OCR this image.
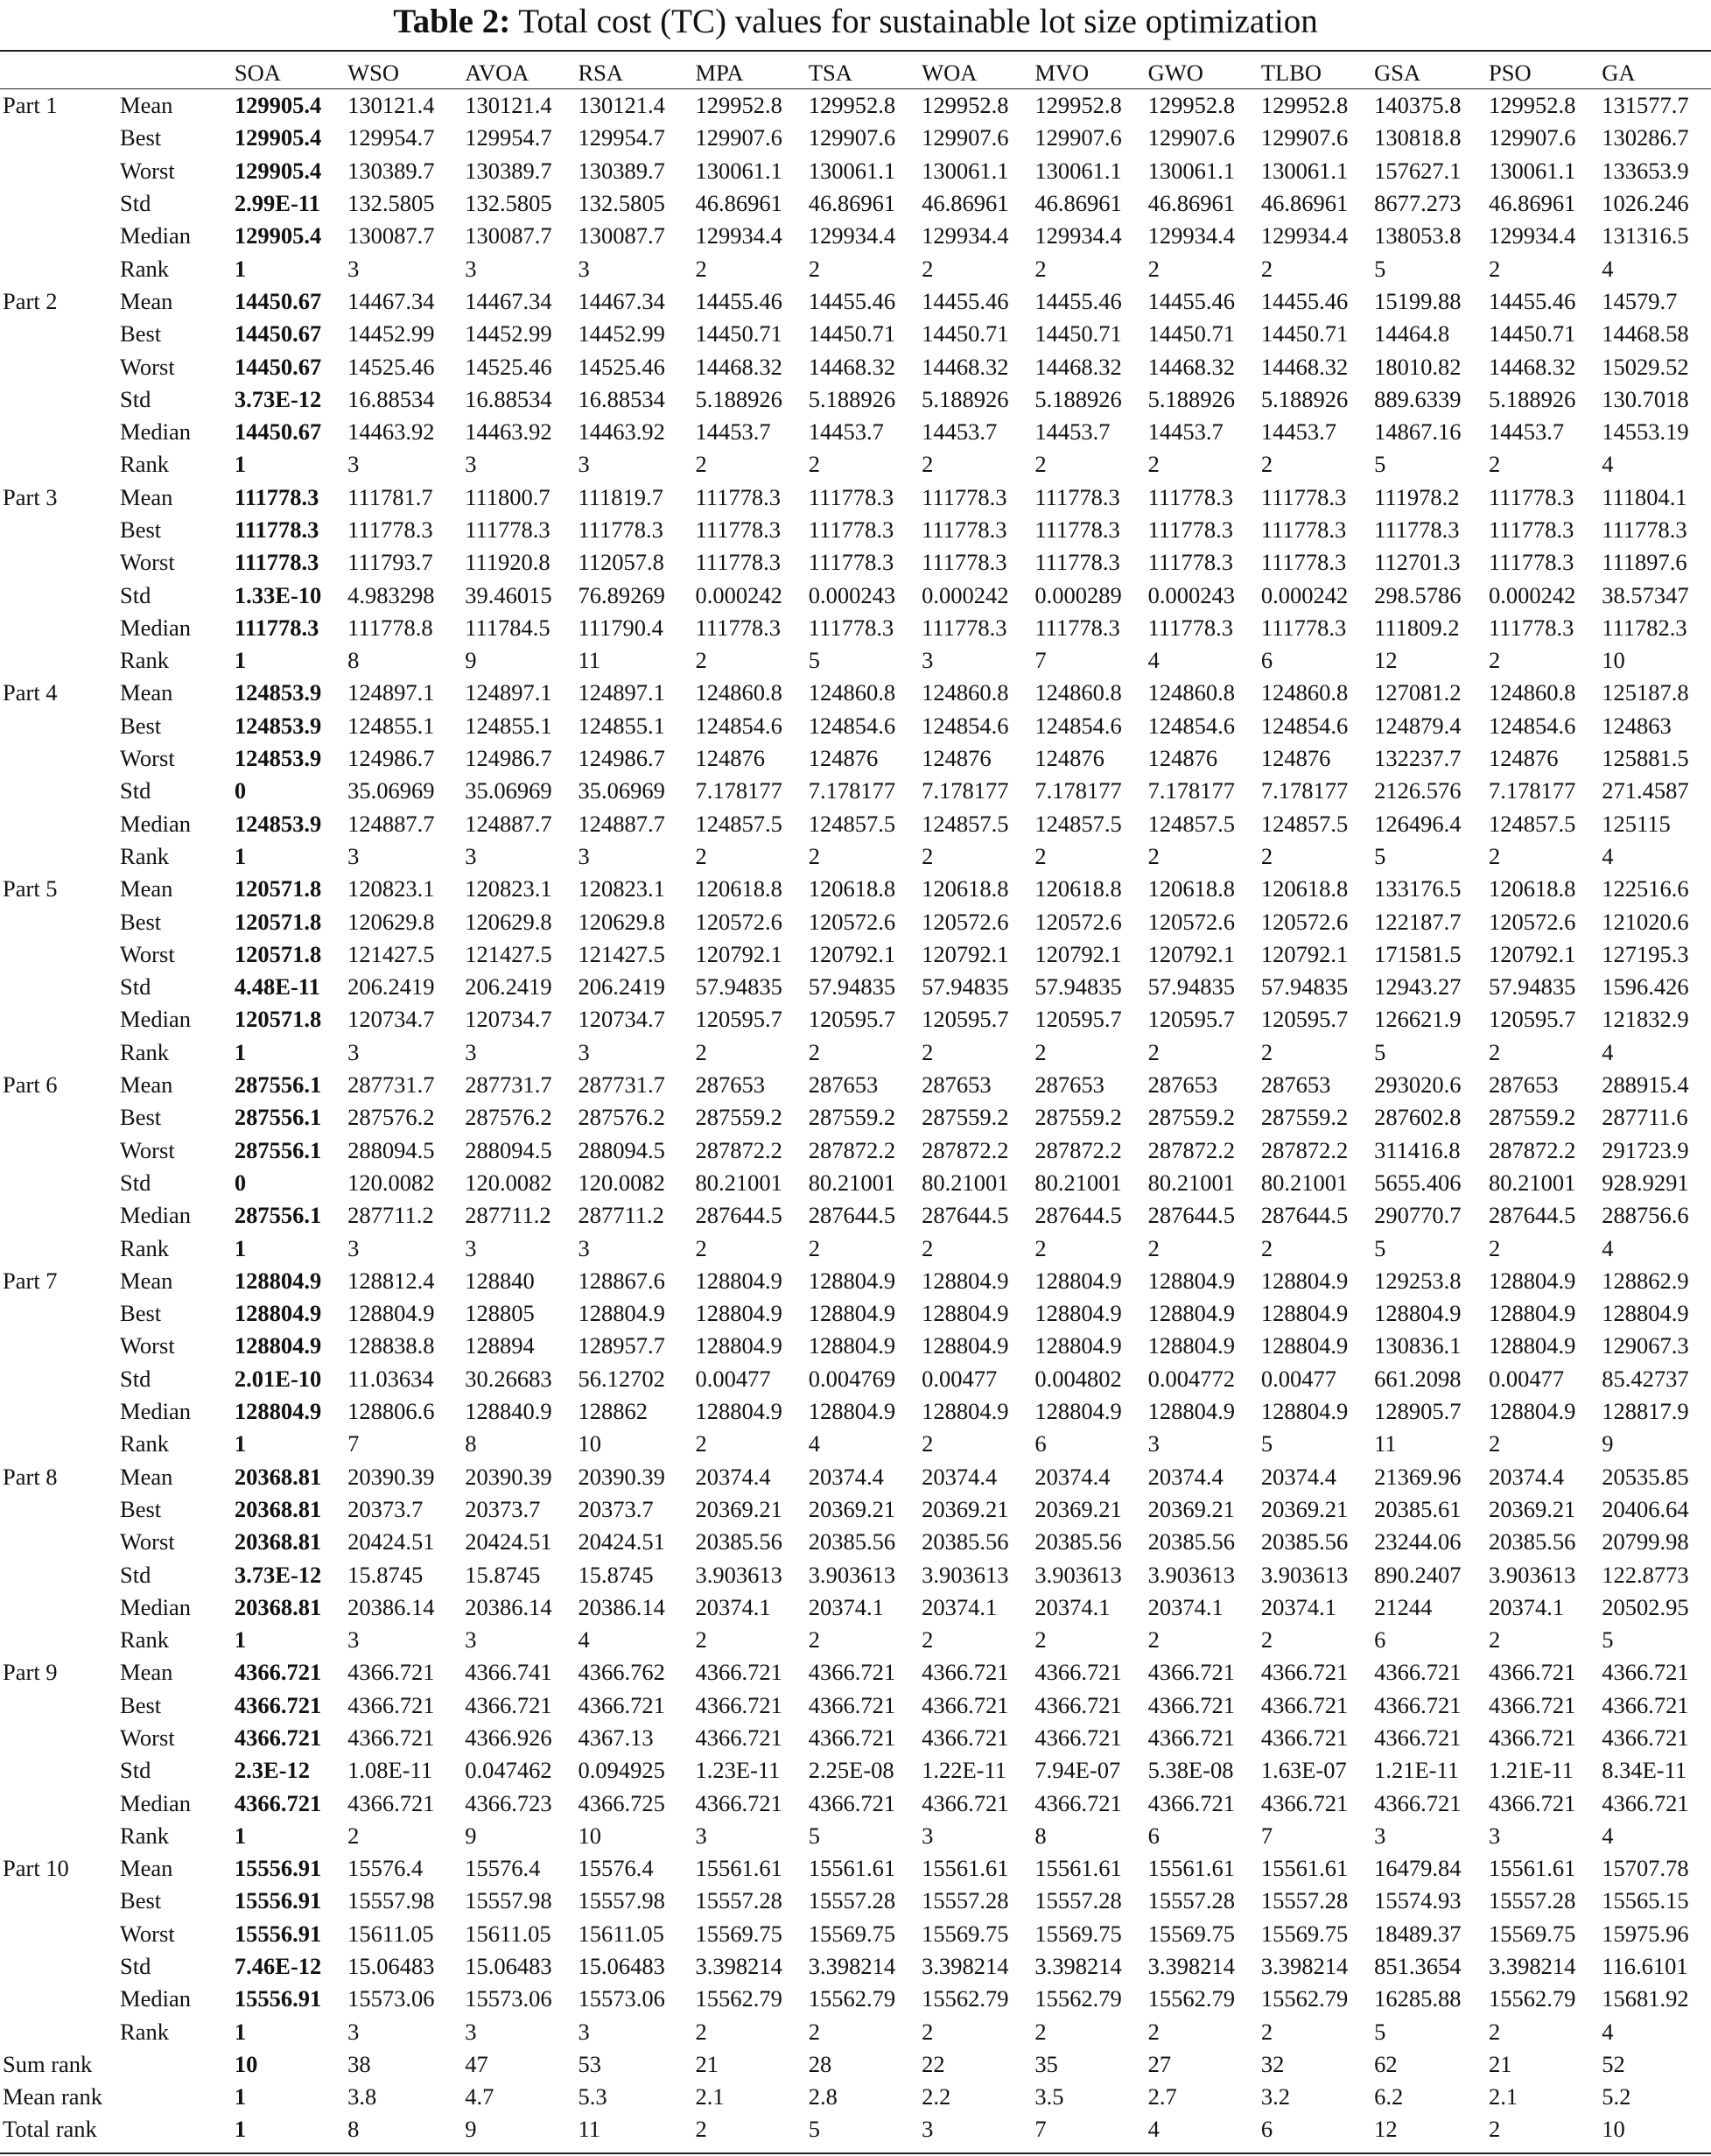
Table 2: Total cost (TC) values for sustainable lot size optimization
		SOA	WSO	AVOA	RSA	MPA	TSA	WOA	MVO	GWO	TLBO	GSA	PSO	GA
Part 1	Mean	129905.4	130121.4	130121.4	130121.4	129952.8	129952.8	129952.8	129952.8	129952.8	129952.8	140375.8	129952.8	131577.7
	Best	129905.4	129954.7	129954.7	129954.7	129907.6	129907.6	129907.6	129907.6	129907.6	129907.6	130818.8	129907.6	130286.7
	Worst	129905.4	130389.7	130389.7	130389.7	130061.1	130061.1	130061.1	130061.1	130061.1	130061.1	157627.1	130061.1	133653.9
	Std	2.99E-11	132.5805	132.5805	132.5805	46.86961	46.86961	46.86961	46.86961	46.86961	46.86961	8677.273	46.86961	1026.246
	Median	129905.4	130087.7	130087.7	130087.7	129934.4	129934.4	129934.4	129934.4	129934.4	129934.4	138053.8	129934.4	131316.5
	Rank	1	3	3	3	2	2	2	2	2	2	5	2	4
Part 2	Mean	14450.67	14467.34	14467.34	14467.34	14455.46	14455.46	14455.46	14455.46	14455.46	14455.46	15199.88	14455.46	14579.7
	Best	14450.67	14452.99	14452.99	14452.99	14450.71	14450.71	14450.71	14450.71	14450.71	14450.71	14464.8	14450.71	14468.58
	Worst	14450.67	14525.46	14525.46	14525.46	14468.32	14468.32	14468.32	14468.32	14468.32	14468.32	18010.82	14468.32	15029.52
	Std	3.73E-12	16.88534	16.88534	16.88534	5.188926	5.188926	5.188926	5.188926	5.188926	5.188926	889.6339	5.188926	130.7018
	Median	14450.67	14463.92	14463.92	14463.92	14453.7	14453.7	14453.7	14453.7	14453.7	14453.7	14867.16	14453.7	14553.19
	Rank	1	3	3	3	2	2	2	2	2	2	5	2	4
Part 3	Mean	111778.3	111781.7	111800.7	111819.7	111778.3	111778.3	111778.3	111778.3	111778.3	111778.3	111978.2	111778.3	111804.1
	Best	111778.3	111778.3	111778.3	111778.3	111778.3	111778.3	111778.3	111778.3	111778.3	111778.3	111778.3	111778.3	111778.3
	Worst	111778.3	111793.7	111920.8	112057.8	111778.3	111778.3	111778.3	111778.3	111778.3	111778.3	112701.3	111778.3	111897.6
	Std	1.33E-10	4.983298	39.46015	76.89269	0.000242	0.000243	0.000242	0.000289	0.000243	0.000242	298.5786	0.000242	38.57347
	Median	111778.3	111778.8	111784.5	111790.4	111778.3	111778.3	111778.3	111778.3	111778.3	111778.3	111809.2	111778.3	111782.3
	Rank	1	8	9	11	2	5	3	7	4	6	12	2	10
Part 4	Mean	124853.9	124897.1	124897.1	124897.1	124860.8	124860.8	124860.8	124860.8	124860.8	124860.8	127081.2	124860.8	125187.8
	Best	124853.9	124855.1	124855.1	124855.1	124854.6	124854.6	124854.6	124854.6	124854.6	124854.6	124879.4	124854.6	124863
	Worst	124853.9	124986.7	124986.7	124986.7	124876	124876	124876	124876	124876	124876	132237.7	124876	125881.5
	Std	0	35.06969	35.06969	35.06969	7.178177	7.178177	7.178177	7.178177	7.178177	7.178177	2126.576	7.178177	271.4587
	Median	124853.9	124887.7	124887.7	124887.7	124857.5	124857.5	124857.5	124857.5	124857.5	124857.5	126496.4	124857.5	125115
	Rank	1	3	3	3	2	2	2	2	2	2	5	2	4
Part 5	Mean	120571.8	120823.1	120823.1	120823.1	120618.8	120618.8	120618.8	120618.8	120618.8	120618.8	133176.5	120618.8	122516.6
	Best	120571.8	120629.8	120629.8	120629.8	120572.6	120572.6	120572.6	120572.6	120572.6	120572.6	122187.7	120572.6	121020.6
	Worst	120571.8	121427.5	121427.5	121427.5	120792.1	120792.1	120792.1	120792.1	120792.1	120792.1	171581.5	120792.1	127195.3
	Std	4.48E-11	206.2419	206.2419	206.2419	57.94835	57.94835	57.94835	57.94835	57.94835	57.94835	12943.27	57.94835	1596.426
	Median	120571.8	120734.7	120734.7	120734.7	120595.7	120595.7	120595.7	120595.7	120595.7	120595.7	126621.9	120595.7	121832.9
	Rank	1	3	3	3	2	2	2	2	2	2	5	2	4
Part 6	Mean	287556.1	287731.7	287731.7	287731.7	287653	287653	287653	287653	287653	287653	293020.6	287653	288915.4
	Best	287556.1	287576.2	287576.2	287576.2	287559.2	287559.2	287559.2	287559.2	287559.2	287559.2	287602.8	287559.2	287711.6
	Worst	287556.1	288094.5	288094.5	288094.5	287872.2	287872.2	287872.2	287872.2	287872.2	287872.2	311416.8	287872.2	291723.9
	Std	0	120.0082	120.0082	120.0082	80.21001	80.21001	80.21001	80.21001	80.21001	80.21001	5655.406	80.21001	928.9291
	Median	287556.1	287711.2	287711.2	287711.2	287644.5	287644.5	287644.5	287644.5	287644.5	287644.5	290770.7	287644.5	288756.6
	Rank	1	3	3	3	2	2	2	2	2	2	5	2	4
Part 7	Mean	128804.9	128812.4	128840	128867.6	128804.9	128804.9	128804.9	128804.9	128804.9	128804.9	129253.8	128804.9	128862.9
	Best	128804.9	128804.9	128805	128804.9	128804.9	128804.9	128804.9	128804.9	128804.9	128804.9	128804.9	128804.9	128804.9
	Worst	128804.9	128838.8	128894	128957.7	128804.9	128804.9	128804.9	128804.9	128804.9	128804.9	130836.1	128804.9	129067.3
	Std	2.01E-10	11.03634	30.26683	56.12702	0.00477	0.004769	0.00477	0.004802	0.004772	0.00477	661.2098	0.00477	85.42737
	Median	128804.9	128806.6	128840.9	128862	128804.9	128804.9	128804.9	128804.9	128804.9	128804.9	128905.7	128804.9	128817.9
	Rank	1	7	8	10	2	4	2	6	3	5	11	2	9
Part 8	Mean	20368.81	20390.39	20390.39	20390.39	20374.4	20374.4	20374.4	20374.4	20374.4	20374.4	21369.96	20374.4	20535.85
	Best	20368.81	20373.7	20373.7	20373.7	20369.21	20369.21	20369.21	20369.21	20369.21	20369.21	20385.61	20369.21	20406.64
	Worst	20368.81	20424.51	20424.51	20424.51	20385.56	20385.56	20385.56	20385.56	20385.56	20385.56	23244.06	20385.56	20799.98
	Std	3.73E-12	15.8745	15.8745	15.8745	3.903613	3.903613	3.903613	3.903613	3.903613	3.903613	890.2407	3.903613	122.8773
	Median	20368.81	20386.14	20386.14	20386.14	20374.1	20374.1	20374.1	20374.1	20374.1	20374.1	21244	20374.1	20502.95
	Rank	1	3	3	4	2	2	2	2	2	2	6	2	5
Part 9	Mean	4366.721	4366.721	4366.741	4366.762	4366.721	4366.721	4366.721	4366.721	4366.721	4366.721	4366.721	4366.721	4366.721
	Best	4366.721	4366.721	4366.721	4366.721	4366.721	4366.721	4366.721	4366.721	4366.721	4366.721	4366.721	4366.721	4366.721
	Worst	4366.721	4366.721	4366.926	4367.13	4366.721	4366.721	4366.721	4366.721	4366.721	4366.721	4366.721	4366.721	4366.721
	Std	2.3E-12	1.08E-11	0.047462	0.094925	1.23E-11	2.25E-08	1.22E-11	7.94E-07	5.38E-08	1.63E-07	1.21E-11	1.21E-11	8.34E-11
	Median	4366.721	4366.721	4366.723	4366.725	4366.721	4366.721	4366.721	4366.721	4366.721	4366.721	4366.721	4366.721	4366.721
	Rank	1	2	9	10	3	5	3	8	6	7	3	3	4
Part 10	Mean	15556.91	15576.4	15576.4	15576.4	15561.61	15561.61	15561.61	15561.61	15561.61	15561.61	16479.84	15561.61	15707.78
	Best	15556.91	15557.98	15557.98	15557.98	15557.28	15557.28	15557.28	15557.28	15557.28	15557.28	15574.93	15557.28	15565.15
	Worst	15556.91	15611.05	15611.05	15611.05	15569.75	15569.75	15569.75	15569.75	15569.75	15569.75	18489.37	15569.75	15975.96
	Std	7.46E-12	15.06483	15.06483	15.06483	3.398214	3.398214	3.398214	3.398214	3.398214	3.398214	851.3654	3.398214	116.6101
	Median	15556.91	15573.06	15573.06	15573.06	15562.79	15562.79	15562.79	15562.79	15562.79	15562.79	16285.88	15562.79	15681.92
	Rank	1	3	3	3	2	2	2	2	2	2	5	2	4
Sum rank		10	38	47	53	21	28	22	35	27	32	62	21	52
Mean rank		1	3.8	4.7	5.3	2.1	2.8	2.2	3.5	2.7	3.2	6.2	2.1	5.2
Total rank		1	8	9	11	2	5	3	7	4	6	12	2	10
